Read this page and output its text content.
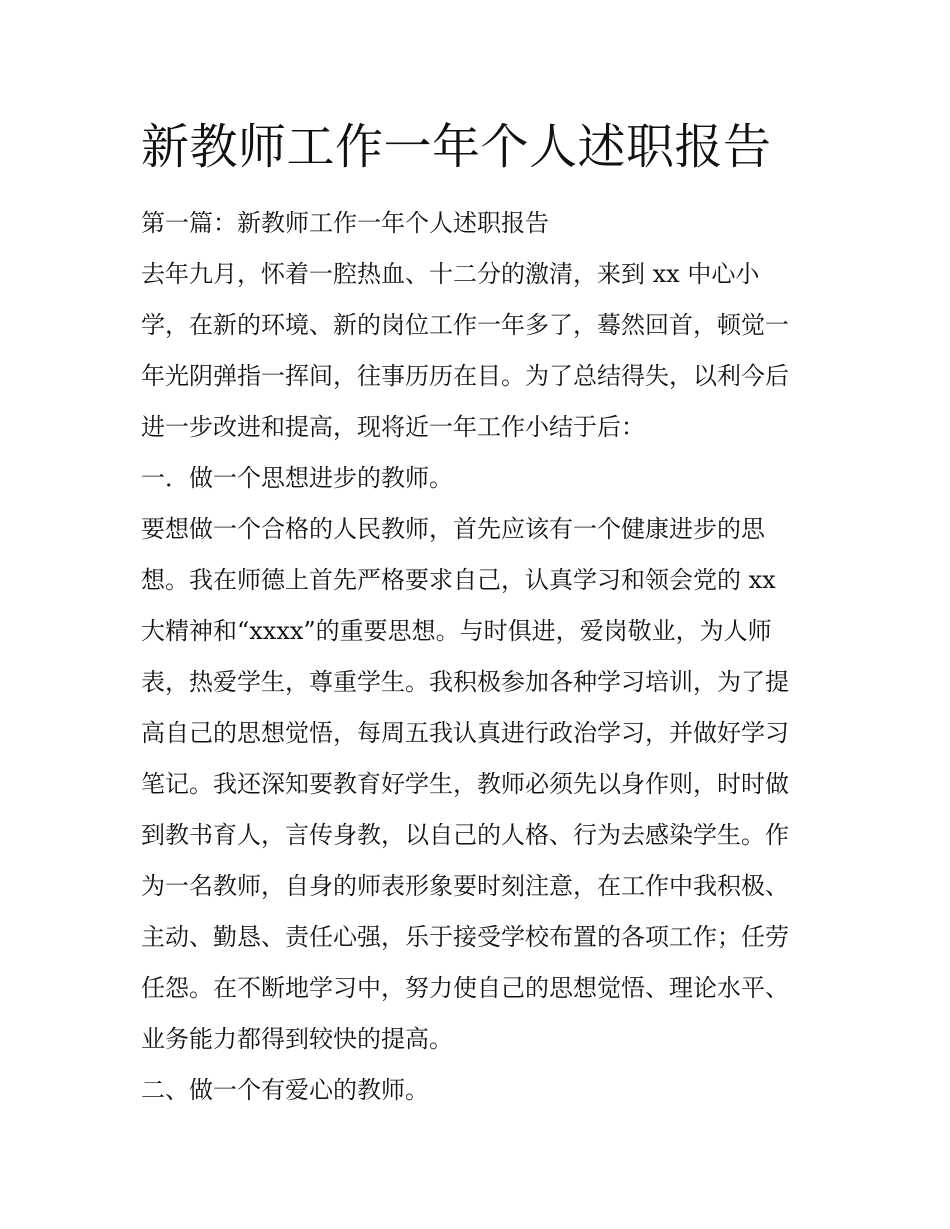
新教师工作一年个人述职报告
第一篇：新教师工作一年个人述职报告
去年九月，怀着一腔热血、十二分的激清，来到 xx 中心小
学，在新的环境、新的岗位工作一年多了，蓦然回首，顿觉一
年光阴弹指一挥间，往事历历在目。为了总结得失，以利今后
进一步改进和提高，现将近一年工作小结于后：
一．做一个思想进步的教师。
要想做一个合格的人民教师，首先应该有一个健康进步的思
想。我在师德上首先严格要求自己，认真学习和领会党的 xx
大精神和“xxxx”的重要思想。与时俱进，爱岗敬业，为人师
表，热爱学生，尊重学生。我积极参加各种学习培训，为了提
高自己的思想觉悟，每周五我认真进行政治学习，并做好学习
笔记。我还深知要教育好学生，教师必须先以身作则，时时做
到教书育人，言传身教，以自己的人格、行为去感染学生。作
为一名教师，自身的师表形象要时刻注意，在工作中我积极、
主动、勤恳、责任心强，乐于接受学校布置的各项工作；任劳
任怨。在不断地学习中，努力使自己的思想觉悟、理论水平、
业务能力都得到较快的提高。
二、做一个有爱心的教师。
